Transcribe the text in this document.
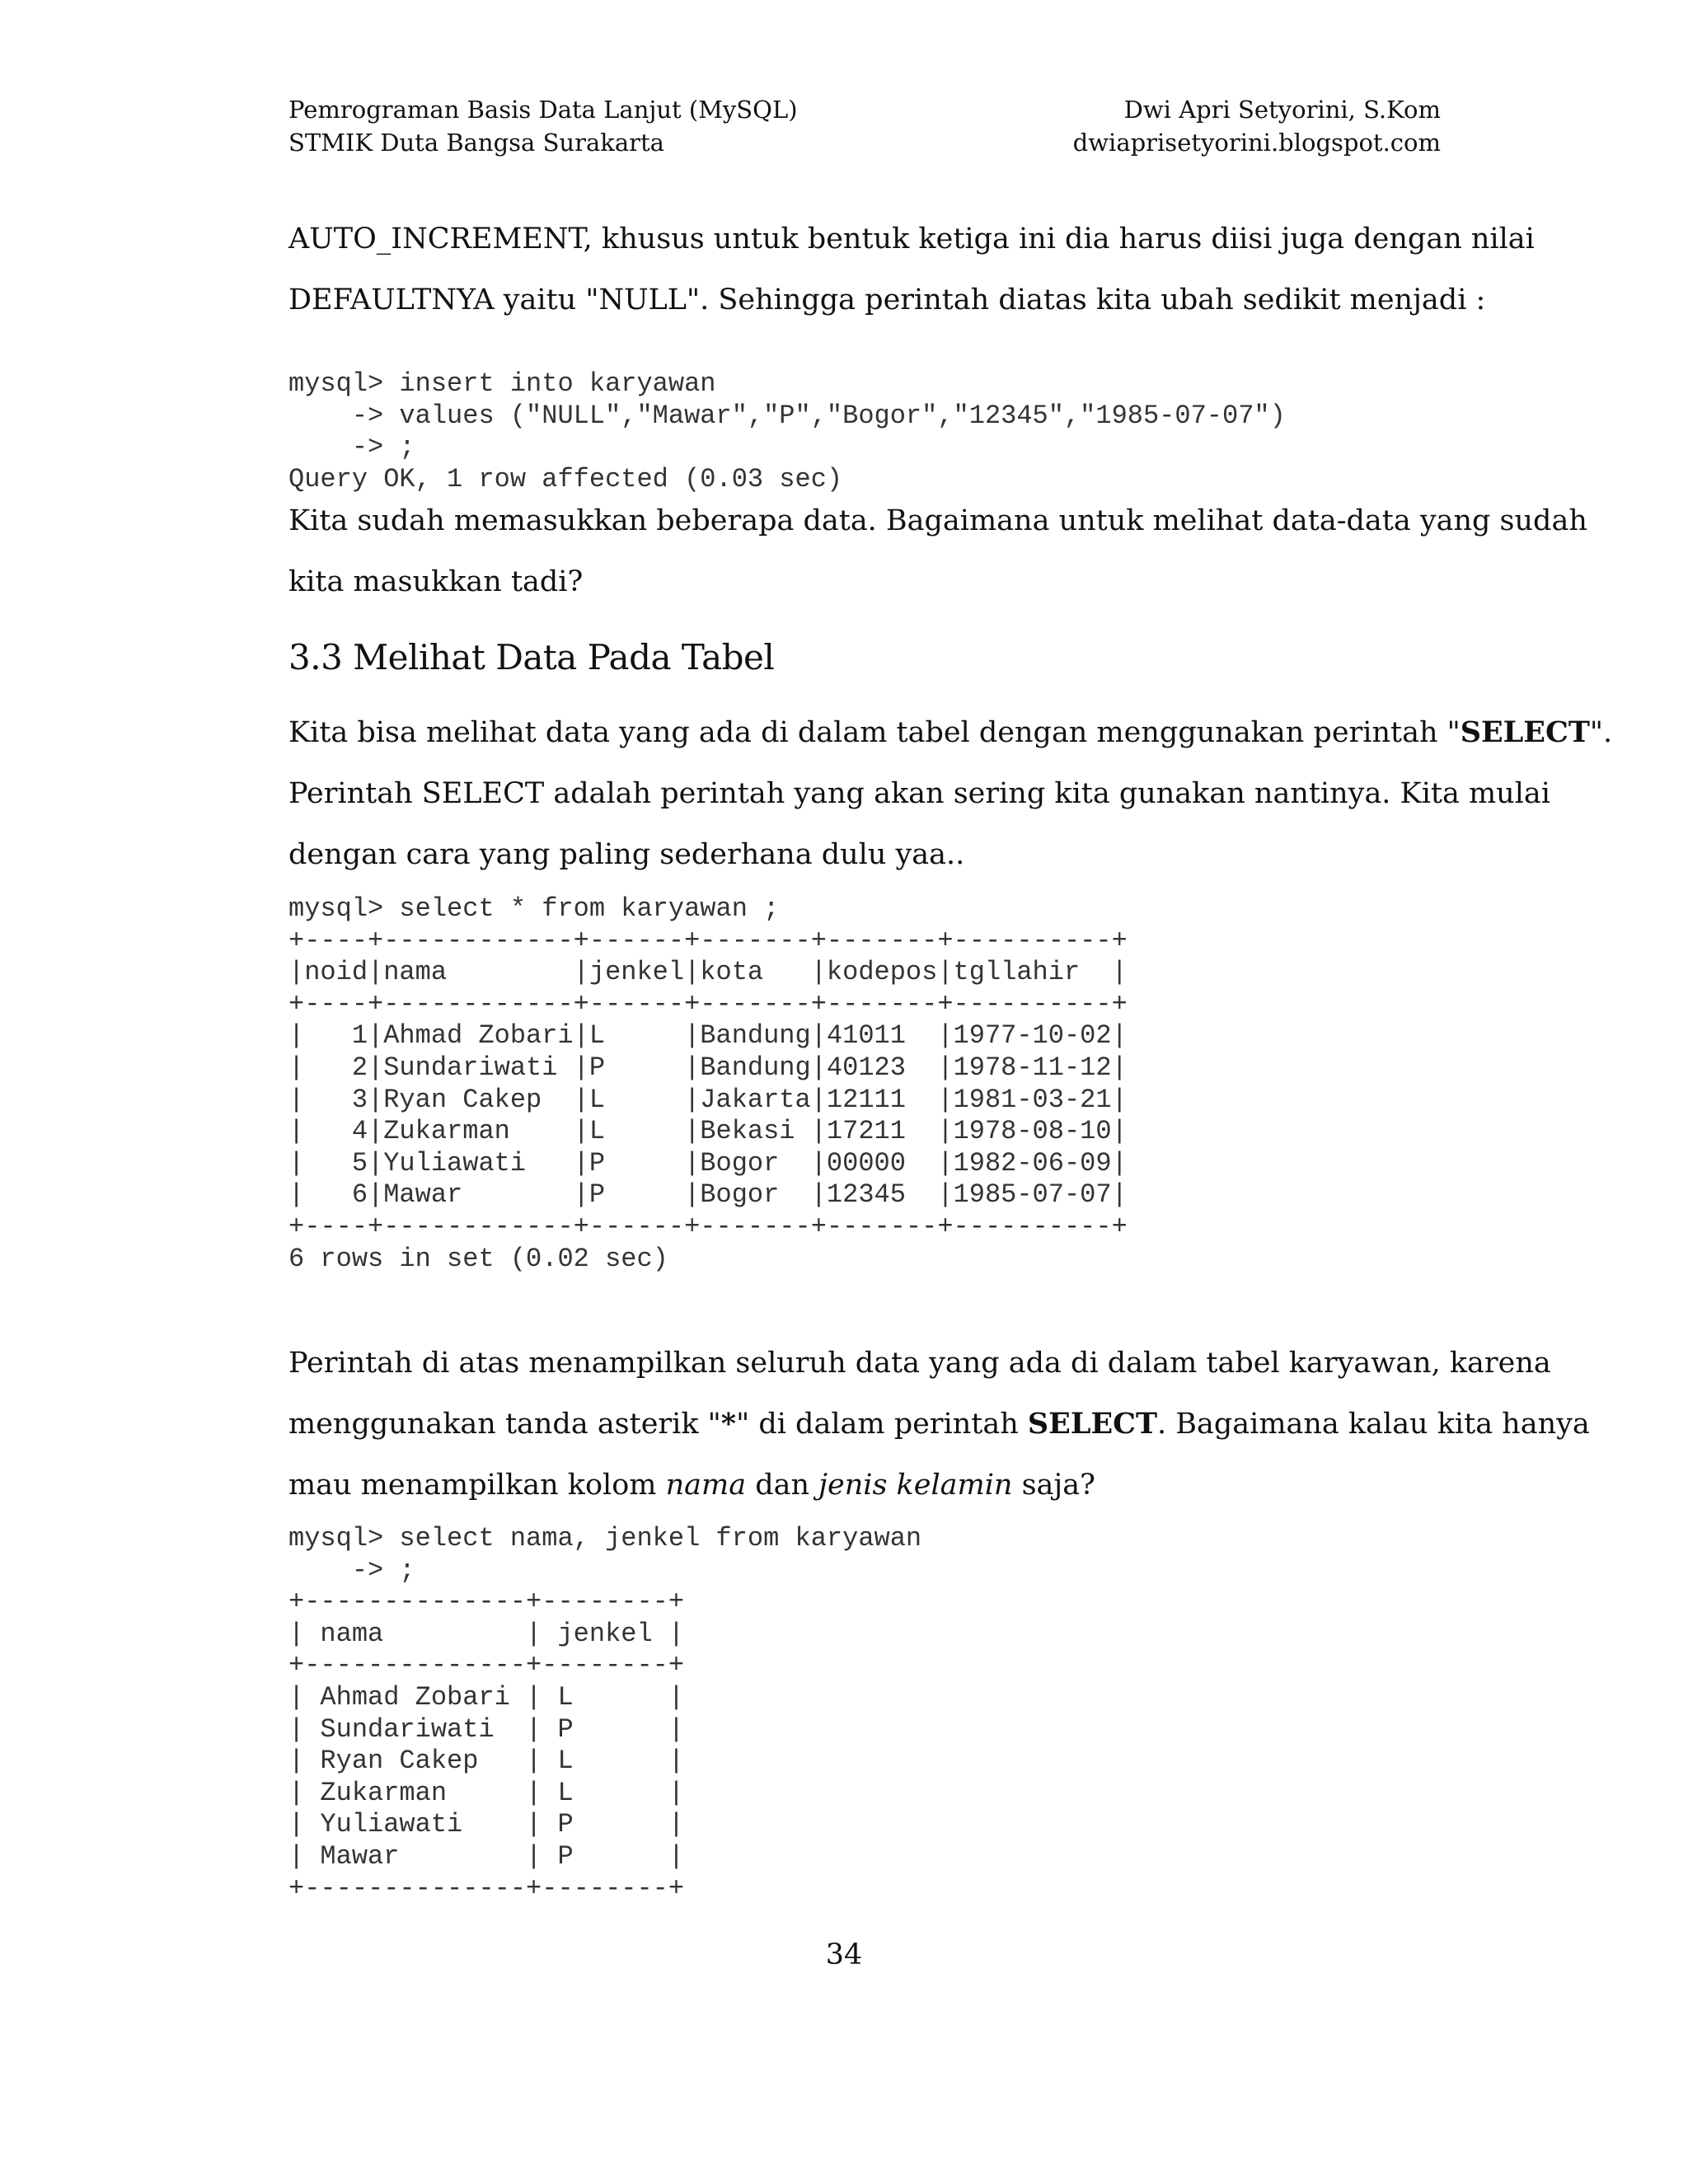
Pemrograman Basis Data Lanjut (MySQL)
STMIK Duta Bangsa Surakarta
Dwi Apri Setyorini, S.Kom
dwiaprisetyorini.blogspot.com
AUTO_INCREMENT, khusus untuk bentuk ketiga ini dia harus diisi juga dengan nilai
DEFAULTNYA yaitu "NULL". Sehingga perintah diatas kita ubah sedikit menjadi :
mysql> insert into karyawan
-> values ("NULL","Mawar","P","Bogor","12345","1985-07-07")
-> ;
Query OK, 1 row affected (0.03 sec)
Kita sudah memasukkan beberapa data. Bagaimana untuk melihat data-data yang sudah
kita masukkan tadi?
3.3 Melihat Data Pada Tabel
Kita bisa melihat data yang ada di dalam tabel dengan menggunakan perintah "SELECT".
Perintah SELECT adalah perintah yang akan sering kita gunakan nantinya. Kita mulai
dengan cara yang paling sederhana dulu yaa..
mysql> select * from karyawan ;
+----+------------+------+-------+-------+----------+
|noid|nama        |jenkel|kota   |kodepos|tgllahir  |
+----+------------+------+-------+-------+----------+
|   1|Ahmad Zobari|L     |Bandung|41011  |1977-10-02|
|   2|Sundariwati |P     |Bandung|40123  |1978-11-12|
|   3|Ryan Cakep  |L     |Jakarta|12111  |1981-03-21|
|   4|Zukarman    |L     |Bekasi |17211  |1978-08-10|
|   5|Yuliawati   |P     |Bogor  |00000  |1982-06-09|
|   6|Mawar       |P     |Bogor  |12345  |1985-07-07|
+----+------------+------+-------+-------+----------+
6 rows in set (0.02 sec)
Perintah di atas menampilkan seluruh data yang ada di dalam tabel karyawan, karena
menggunakan tanda asterik "*" di dalam perintah SELECT. Bagaimana kalau kita hanya
mau menampilkan kolom nama dan jenis kelamin saja?
mysql> select nama, jenkel from karyawan
-> ;
+--------------+--------+
| nama         | jenkel |
+--------------+--------+
| Ahmad Zobari | L      |
| Sundariwati  | P      |
| Ryan Cakep   | L      |
| Zukarman     | L      |
| Yuliawati    | P      |
| Mawar        | P      |
+--------------+--------+
34
